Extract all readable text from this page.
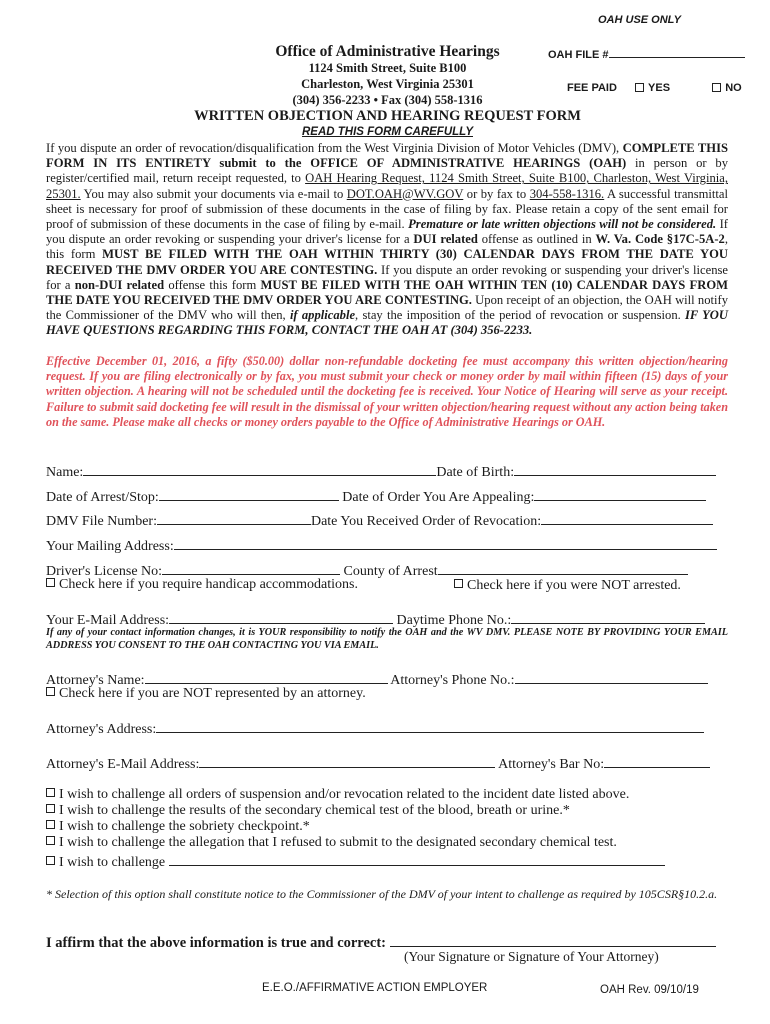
OAH USE ONLY
Office of Administrative Hearings
1124 Smith Street, Suite B100
Charleston, West Virginia 25301
(304) 356-2233 • Fax (304) 558-1316
OAH FILE #
FEE PAID	YES	NO
WRITTEN OBJECTION AND HEARING REQUEST FORM
READ THIS FORM CAREFULLY
If you dispute an order of revocation/disqualification from the West Virginia Division of Motor Vehicles (DMV), COMPLETE THIS FORM IN ITS ENTIRETY submit to the OFFICE OF ADMINISTRATIVE HEARINGS (OAH) in person or by register/certified mail, return receipt requested, to OAH Hearing Request, 1124 Smith Street, Suite B100, Charleston, West Virginia, 25301. You may also submit your documents via e-mail to DOT.OAH@WV.GOV or by fax to 304-558-1316. A successful transmittal sheet is necessary for proof of submission of these documents in the case of filing by fax. Please retain a copy of the sent email for proof of submission of these documents in the case of filing by e-mail. Premature or late written objections will not be considered. If you dispute an order revoking or suspending your driver's license for a DUI related offense as outlined in W. Va. Code §17C-5A-2, this form MUST BE FILED WITH THE OAH WITHIN THIRTY (30) CALENDAR DAYS FROM THE DATE YOU RECEIVED THE DMV ORDER YOU ARE CONTESTING. If you dispute an order revoking or suspending your driver's license for a non-DUI related offense this form MUST BE FILED WITH THE OAH WITHIN TEN (10) CALENDAR DAYS FROM THE DATE YOU RECEIVED THE DMV ORDER YOU ARE CONTESTING. Upon receipt of an objection, the OAH will notify the Commissioner of the DMV who will then, if applicable, stay the imposition of the period of revocation or suspension. IF YOU HAVE QUESTIONS REGARDING THIS FORM, CONTACT THE OAH AT (304) 356-2233.
Effective December 01, 2016, a fifty ($50.00) dollar non-refundable docketing fee must accompany this written objection/hearing request. If you are filing electronically or by fax, you must submit your check or money order by mail within fifteen (15) days of your written objection. A hearing will not be scheduled until the docketing fee is received. Your Notice of Hearing will serve as your receipt. Failure to submit said docketing fee will result in the dismissal of your written objection/hearing request without any action being taken on the same. Please make all checks or money orders payable to the Office of Administrative Hearings or OAH.
Name:	Date of Birth:
Date of Arrest/Stop:	Date of Order You Are Appealing:
DMV File Number:	Date You Received Order of Revocation:
Your Mailing Address:
Driver's License No:	County of Arrest
Check here if you require handicap accommodations.	Check here if you were NOT arrested.
Your E-Mail Address:	Daytime Phone No.:
If any of your contact information changes, it is YOUR responsibility to notify the OAH and the WV DMV. PLEASE NOTE BY PROVIDING YOUR EMAIL ADDRESS YOU CONSENT TO THE OAH CONTACTING YOU VIA EMAIL.
Attorney's Name:	Attorney's Phone No.:
Check here if you are NOT represented by an attorney.
Attorney's Address:
Attorney's E-Mail Address:	Attorney's Bar No:
I wish to challenge all orders of suspension and/or revocation related to the incident date listed above.
I wish to challenge the results of the secondary chemical test of the blood, breath or urine.*
I wish to challenge the sobriety checkpoint.*
I wish to challenge the allegation that I refused to submit to the designated secondary chemical test.
I wish to challenge
* Selection of this option shall constitute notice to the Commissioner of the DMV of your intent to challenge as required by 105CSR§10.2.a.
I affirm that the above information is true and correct:
(Your Signature or Signature of Your Attorney)
E.E.O./AFFIRMATIVE ACTION EMPLOYER	OAH Rev. 09/10/19
